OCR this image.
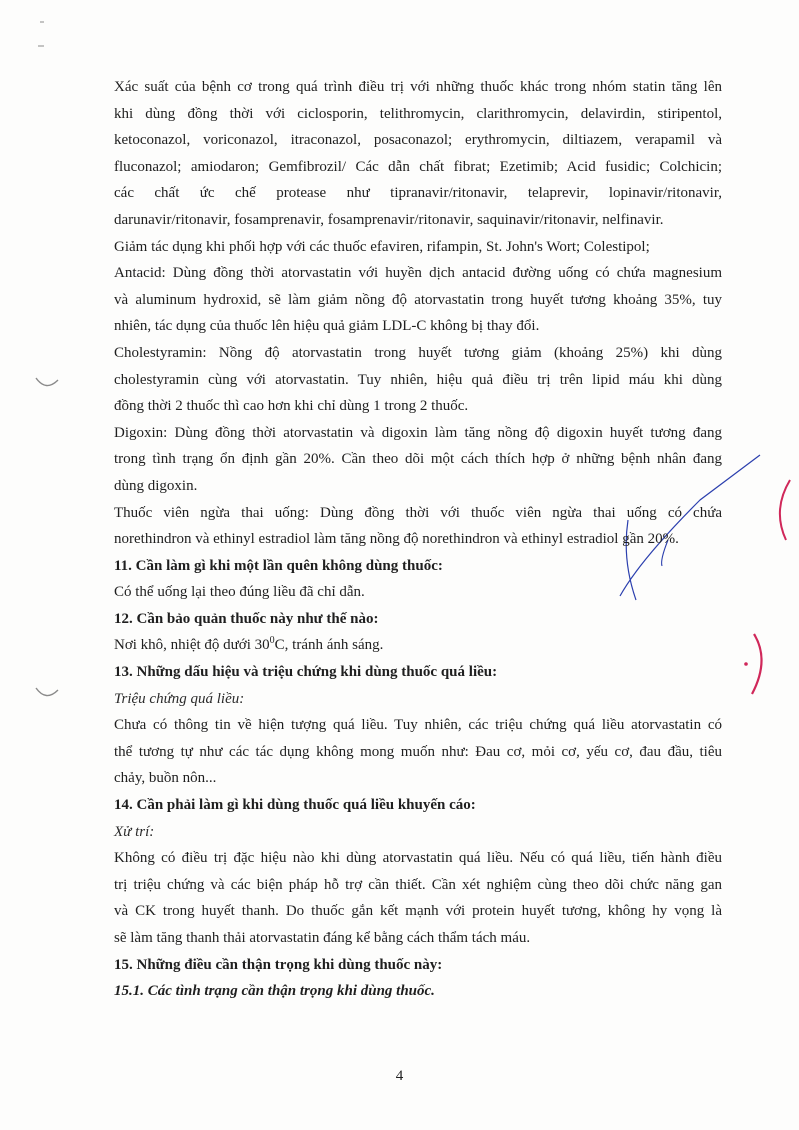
Xác suất của bệnh cơ trong quá trình điều trị với những thuốc khác trong nhóm statin tăng lên

khi dùng đồng thời với ciclosporin, telithromycin, clarithromycin, delavirdin, stiripentol,

ketoconazol, voriconazol, itraconazol, posaconazol; erythromycin, diltiazem, verapamil và

fluconazol; amiodaron; Gemfibrozil/ Các dẫn chất fibrat; Ezetimib; Acid fusidic; Colchicin;

các chất ức chế protease như tipranavir/ritonavir, telaprevir, lopinavir/ritonavir,

darunavir/ritonavir, fosamprenavir, fosamprenavir/ritonavir, saquinavir/ritonavir, nelfinavir.

Giảm tác dụng khi phối hợp với các thuốc efaviren, rifampin, St. John's Wort; Colestipol;

Antacid: Dùng đồng thời atorvastatin với huyền dịch antacid đường uống có chứa magnesium

và aluminum hydroxid, sẽ làm giảm nồng độ atorvastatin trong huyết tương khoảng 35%, tuy

nhiên, tác dụng của thuốc lên hiệu quả giảm LDL-C không bị thay đổi.

Cholestyramin: Nồng độ atorvastatin trong huyết tương giảm (khoảng 25%) khi dùng

cholestyramin cùng với atorvastatin. Tuy nhiên, hiệu quả điều trị trên lipid máu khi dùng

đồng thời 2 thuốc thì cao hơn khi chỉ dùng 1 trong 2 thuốc.

Digoxin: Dùng đồng thời atorvastatin và digoxin làm tăng nồng độ digoxin huyết tương đang

trong tình trạng ổn định gần 20%. Cần theo dõi một cách thích hợp ở những bệnh nhân đang

dùng digoxin.

Thuốc viên ngừa thai uống: Dùng đồng thời với thuốc viên ngừa thai uống có chứa

norethindron và ethinyl estradiol làm tăng nồng độ norethindron và ethinyl estradiol gần 20%.

11. Cần làm gì khi một lần quên không dùng thuốc:

Có thể uống lại theo đúng liều đã chỉ dẫn.

12. Cần bảo quản thuốc này như thế nào:

Nơi khô, nhiệt độ dưới $30^0C$, tránh ánh sáng.

13. Những dấu hiệu và triệu chứng khi dùng thuốc quá liều:

Triệu chứng quá liều:

Chưa có thông tin về hiện tượng quá liều. Tuy nhiên, các triệu chứng quá liều atorvastatin có

thể tương tự như các tác dụng không mong muốn như: Đau cơ, mỏi cơ, yếu cơ, đau đầu, tiêu

chảy, buồn nôn...

14. Cần phải làm gì khi dùng thuốc quá liều khuyến cáo:

Xử trí:

Không có điều trị đặc hiệu nào khi dùng atorvastatin quá liều. Nếu có quá liều, tiến hành điều

trị triệu chứng và các biện pháp hỗ trợ cần thiết. Cần xét nghiệm cùng theo dõi chức năng gan

và CK trong huyết thanh. Do thuốc gắn kết mạnh với protein huyết tương, không hy vọng là

sẽ làm tăng thanh thải atorvastatin đáng kể bằng cách thẩm tách máu.

15. Những điều cần thận trọng khi dùng thuốc này:

15.1. Các tình trạng cần thận trọng khi dùng thuốc.

4
